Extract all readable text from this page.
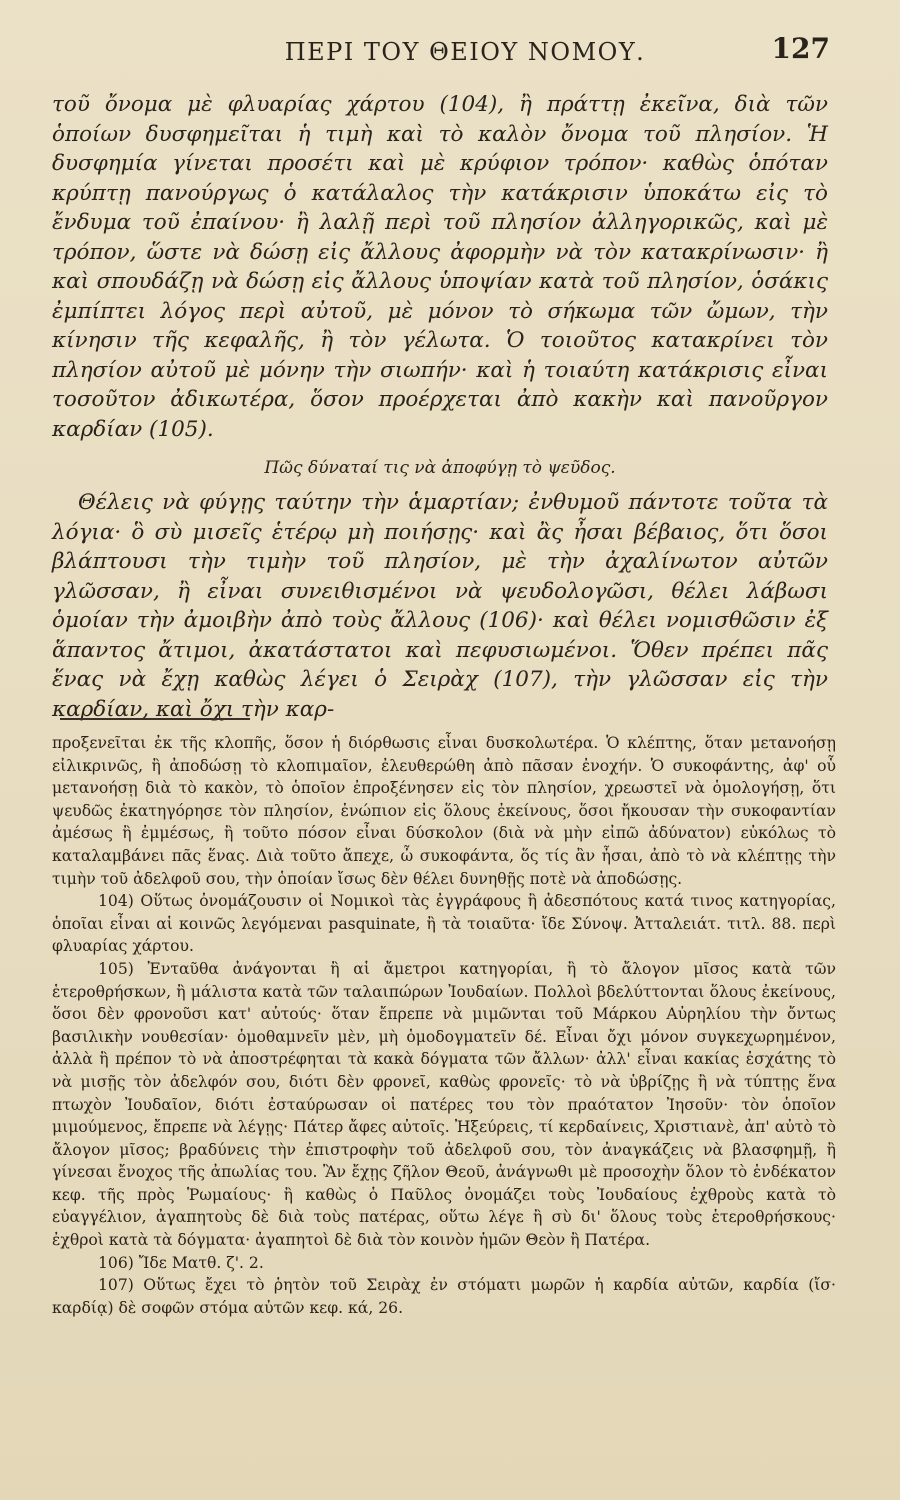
ΠΕΡΙ ΤΟΥ ΘΕΙΟΥ ΝΟΜΟΥ.	127

τοῦ ὄνομα μὲ φλυαρίας χάρτου (104), ἢ πράττῃ ἐκεῖνα, διὰ τῶν ὁποίων δυσφημεῖται ἡ τιμὴ καὶ τὸ καλὸν ὄνομα τοῦ πλησίον. Ἡ δυσφημία γίνεται προσέτι καὶ μὲ κρύφιον τρόπον· καθὼς ὁπόταν κρύπτῃ πανούργως ὁ κατάλαλος τὴν κατάκρισιν ὑποκάτω εἰς τὸ ἔνδυμα τοῦ ἐπαίνου· ἢ λαλῇ περὶ τοῦ πλησίον ἀλληγορικῶς, καὶ μὲ τρόπον, ὥστε νὰ δώσῃ εἰς ἄλλους ἀφορμὴν νὰ τὸν κατακρίνωσιν· ἢ καὶ σπουδάζῃ νὰ δώσῃ εἰς ἄλλους ὑποψίαν κατὰ τοῦ πλησίον, ὁσάκις ἐμπίπτει λόγος περὶ αὐτοῦ, μὲ μόνον τὸ σήκωμα τῶν ὤμων, τὴν κίνησιν τῆς κεφαλῆς, ἢ τὸν γέλωτα. Ὁ τοιοῦτος κατακρίνει τὸν πλησίον αὐτοῦ μὲ μόνην τὴν σιωπήν· καὶ ἡ τοιαύτη κατάκρισις εἶναι τοσοῦτον ἀδικωτέρα, ὅσον προέρχεται ἀπὸ κακὴν καὶ πανοῦργον καρδίαν (105).

Πῶς δύναταί τις νὰ ἀποφύγῃ τὸ ψεῦδος.

Θέλεις νὰ φύγῃς ταύτην τὴν ἁμαρτίαν; ἐνθυμοῦ πάντοτε τοῦτα τὰ λόγια· ὃ σὺ μισεῖς ἑτέρῳ μὴ ποιήσῃς· καὶ ἂς ἦσαι βέβαιος, ὅτι ὅσοι βλάπτουσι τὴν τιμὴν τοῦ πλησίον, μὲ τὴν ἀχαλίνωτον αὐτῶν γλῶσσαν, ἢ εἶναι συνειθισμένοι νὰ ψευδολογῶσι, θέλει λάβωσι ὁμοίαν τὴν ἀμοιβὴν ἀπὸ τοὺς ἄλλους (106)· καὶ θέλει νομισθῶσιν ἐξ ἅπαντος ἄτιμοι, ἀκατάστατοι καὶ πεφυσιωμένοι. Ὅθεν πρέπει πᾶς ἕνας νὰ ἔχῃ καθὼς λέγει ὁ Σειρὰχ (107), τὴν γλῶσσαν εἰς τὴν καρδίαν, καὶ ὄχι τὴν καρ-

προξενεῖται ἐκ τῆς κλοπῆς, ὅσον ἡ διόρθωσις εἶναι δυσκολωτέρα. Ὁ κλέπτης, ὅταν μετανοήσῃ εἰλικρινῶς, ἢ ἀποδώσῃ τὸ κλοπιμαῖον, ἐλευθερώθη ἀπὸ πᾶσαν ἐνοχήν. Ὁ συκοφάντης, ἀφ' οὗ μετανοήσῃ διὰ τὸ κακὸν, τὸ ὁποῖον ἐπροξένησεν εἰς τὸν πλησίον, χρεωστεῖ νὰ ὁμολογήσῃ, ὅτι ψευδῶς ἐκατηγόρησε τὸν πλησίον, ἐνώπιον εἰς ὅλους ἐκείνους, ὅσοι ἤκουσαν τὴν συκοφαντίαν ἀμέσως ἢ ἐμμέσως, ἢ τοῦτο πόσον εἶναι δύσκολον (διὰ νὰ μὴν εἰπῶ ἀδύνατον) εὐκόλως τὸ καταλαμβάνει πᾶς ἕνας. Διὰ τοῦτο ἄπεχε, ὦ συκοφάντα, ὅς τίς ἂν ἦσαι, ἀπὸ τὸ νὰ κλέπτῃς τὴν τιμὴν τοῦ ἀδελφοῦ σου, τὴν ὁποίαν ἴσως δὲν θέλει δυνηθῇς ποτὲ νὰ ἀποδώσῃς.

104) Οὕτως ὀνομάζουσιν οἱ Νομικοὶ τὰς ἐγγράφους ἢ ἀδεσπότους κατά τινος κατηγορίας, ὁποῖαι εἶναι αἱ κοινῶς λεγόμεναι pasquinate, ἢ τὰ τοιαῦτα· ἴδε Σύνοψ. Ἀτταλειάτ. τιτλ. 88. περὶ φλυαρίας χάρτου.

105) Ἐνταῦθα ἀνάγονται ἢ αἱ ἄμετροι κατηγορίαι, ἢ τὸ ἄλογον μῖσος κατὰ τῶν ἑτεροθρήσκων, ἢ μάλιστα κατὰ τῶν ταλαιπώρων Ἰουδαίων. Πολλοὶ βδελύττονται ὅλους ἐκείνους, ὅσοι δὲν φρονοῦσι κατ' αὐτούς· ὅταν ἔπρεπε νὰ μιμῶνται τοῦ Μάρκου Αὐρηλίου τὴν ὄντως βασιλικὴν νουθεσίαν· ὁμοθαμνεῖν μὲν, μὴ ὁμοδογματεῖν δέ. Εἶναι ὄχι μόνον συγκεχωρημένον, ἀλλὰ ἢ πρέπον τὸ νὰ ἀποστρέφηται τὰ κακὰ δόγματα τῶν ἄλλων· ἀλλ' εἶναι κακίας ἐσχάτης τὸ νὰ μισῇς τὸν ἀδελφόν σου, διότι δὲν φρονεῖ, καθὼς φρονεῖς· τὸ νὰ ὑβρίζῃς ἢ νὰ τύπτῃς ἕνα πτωχὸν Ἰουδαῖον, διότι ἐσταύρωσαν οἱ πατέρες του τὸν πραότατον Ἰησοῦν· τὸν ὁποῖον μιμούμενος, ἔπρεπε νὰ λέγῃς· Πάτερ ἄφες αὐτοῖς. Ἠξεύρεις, τί κερδαίνεις, Χριστιανὲ, ἀπ' αὐτὸ τὸ ἄλογον μῖσος; βραδύνεις τὴν ἐπιστροφὴν τοῦ ἀδελφοῦ σου, τὸν ἀναγκάζεις νὰ βλασφημῇ, ἢ γίνεσαι ἔνοχος τῆς ἀπωλίας του. Ἂν ἔχῃς ζῆλον Θεοῦ, ἀνάγνωθι μὲ προσοχὴν ὅλον τὸ ἑνδέκατον κεφ. τῆς πρὸς Ῥωμαίους· ἢ καθὼς ὁ Παῦλος ὀνομάζει τοὺς Ἰουδαίους ἐχθροὺς κατὰ τὸ εὐαγγέλιον, ἀγαπητοὺς δὲ διὰ τοὺς πατέρας, οὕτω λέγε ἢ σὺ δι' ὅλους τοὺς ἑτεροθρήσκους· ἐχθροὶ κατὰ τὰ δόγματα· ἀγαπητοὶ δὲ διὰ τὸν κοινὸν ἡμῶν Θεὸν ἢ Πατέρα.

106) Ἴδε Ματθ. ζ'. 2.

107) Οὕτως ἔχει τὸ ῥητὸν τοῦ Σειρὰχ ἐν στόματι μωρῶν ἡ καρδία αὐτῶν, καρδία (ἴσ· καρδίᾳ) δὲ σοφῶν στόμα αὐτῶν κεφ. κά, 26.
